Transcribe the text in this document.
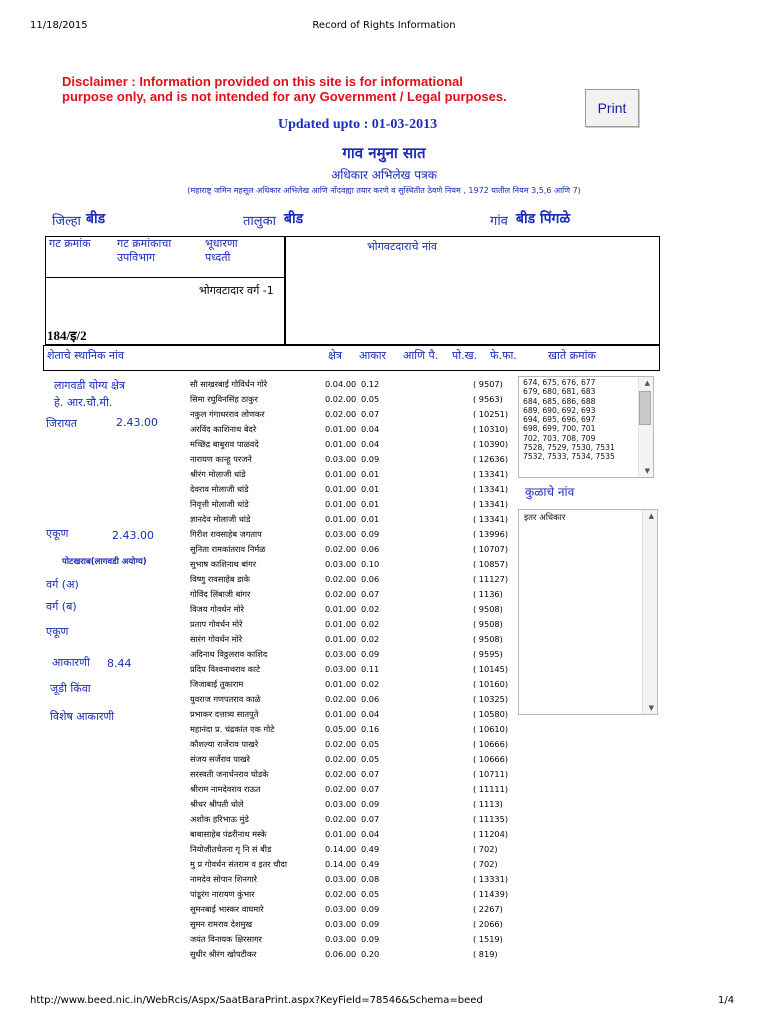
11/18/2015	Record of Rights Information
http://www.beed.nic.in/WebRcis/Aspx/SaatBaraPrint.aspx?KeyField=78546&Schema=beed	1/4
Disclaimer : Information provided on this site is for informational
purpose only, and is not intended for any Government / Legal purposes.
Print
Updated upto : 01-03-2013
गाव नमुना सात
अधिकार अभिलेख पत्रक
(महाराष्ट्र जमिन महसूल अधिकार अभिलेख आणि नोंदवह्या तयार करणे व सुस्थितीत ठेवणे नियम , 1972 यातील नियम 3,5,6 आणि 7)
जिल्हा बीड	तालुका बीड	गांव बीड पिंगळे
गट क्रमांक गट क्रमांकाचा उपविभाग
भूधारणा पध्दती
भोगवटदाराचे नांव
भोगवटादार वर्ग -1
184/इ/2
शेताचे स्थानिक नांव	क्षेत्र आकार आणि पै. पो.ख. फे.फा.	खाते क्रमांक
लागवडी योग्य क्षेत्र
हे. आर.चौ.मी.
जिरायत	2.43.00
एकूण	2.43.00
पोटखराब(लागवडी अयोग्य)
वर्ग (अ)
वर्ग (ब)
एकूण
आकारणी 8.44
जूडी किंवा
विशेष आकारणी
सौ साखरबाई गोविंर्धन गोरे	0.04.00 0.12	( 9507)
सिमा रघुविनसिंह ठाकुर	0.02.00 0.05	( 9563)
नकुल गंगाधरराव लोणकर	0.02.00 0.07	( 10251)
अरविंद काशिनाथ बेदरे	0.01.00 0.04	( 10310)
मच्छिंद्र बाबुराव पाळवदे	0.01.00 0.04	( 10390)
नारायण कान्हू परजने	0.03.00 0.09	( 12636)
श्रीरंग मोलाजी धांडे	0.01.00 0.01	( 13341)
देवराव मोलाजी धांडे	0.01.00 0.01	( 13341)
निवृत्ती मोलाजी धांडे	0.01.00 0.01	( 13341)
ज्ञानदेव मोलाजी धांडे	0.01.00 0.01	( 13341)
गिरीश रावसाहेब जगताप	0.03.00 0.09	( 13996)
सुनिता रामकांतराव निर्मळ	0.02.00 0.06	( 10707)
सुभाष काशिनाथ बांगर	0.03.00 0.10	( 10857)
विष्णु रावसाहेब डाके	0.02.00 0.06	( 11127)
गोविंद लिंबाजी बांगर	0.02.00 0.07	( 1136)
विजय गोवर्धन मोरे	0.01.00 0.02	( 9508)
प्रताप गोवर्धन मोरे	0.01.00 0.02	( 9508)
सारंग गोवर्धन मोरे	0.01.00 0.02	( 9508)
अदिनाथ विठ्ठलराव काशिद	0.03.00 0.09	( 9595)
प्रदिप विश्वनाथराव काटे	0.03.00 0.11	( 10145)
जिजाबाई तुकाराम	0.01.00 0.02	( 10160)
युवराज गणपतराव काळे	0.02.00 0.06	( 10325)
प्रभाकर दत्तात्र्य सातपुते	0.01.00 0.04	( 10580)
महानंदा प्र. चंद्रकांत एक गोटे	0.05.00 0.16	( 10610)
कौशल्या राजेंराव पाखरे	0.02.00 0.05	( 10666)
संजय सर्जेराव पाखरे	0.02.00 0.05	( 10666)
सरस्वती जनार्धनराव घोडके	0.02.00 0.07	( 10711)
श्रीराम नामदेवराव राऊत	0.02.00 0.07	( 11111)
श्रीधर श्रीपती धोले	0.03.00 0.09	( 1113)
अशोक हरिभाऊ मुंडे	0.02.00 0.07	( 11135)
बाबासाहेब पंढरीनाथ मस्के	0.01.00 0.04	( 11204)
नियोजीतचेतना गृ नि सं बीड	0.14.00 0.49	( 702)
मु प्र गोवर्धन संतराम व इतर चौदा	0.14.00 0.49	( 702)
नामदेव सोपान शिनगारे	0.03.00 0.08	( 13331)
पांडूरंग नारायण कुंभार	0.02.00 0.05	( 11439)
सुमनबाई भास्कर वाघमारे	0.03.00 0.09	( 2267)
सुमन रामराव देशमुख	0.03.00 0.09	( 2066)
जयंत विनायक क्षिरसागर	0.03.00 0.09	( 1519)
सुधीर श्रीरंग खोपटीकर	0.06.00 0.20	( 819)
674, 675, 676, 677
679, 680, 681, 683
684, 685, 686, 688
689, 690, 692, 693
694, 695, 696, 697
698, 699, 700, 701
702, 703, 708, 709
7528, 7529, 7530, 7531
7532, 7533, 7534, 7535
▲
▼
कुळाचे नांव
इतर अधिकार	▲
▼
